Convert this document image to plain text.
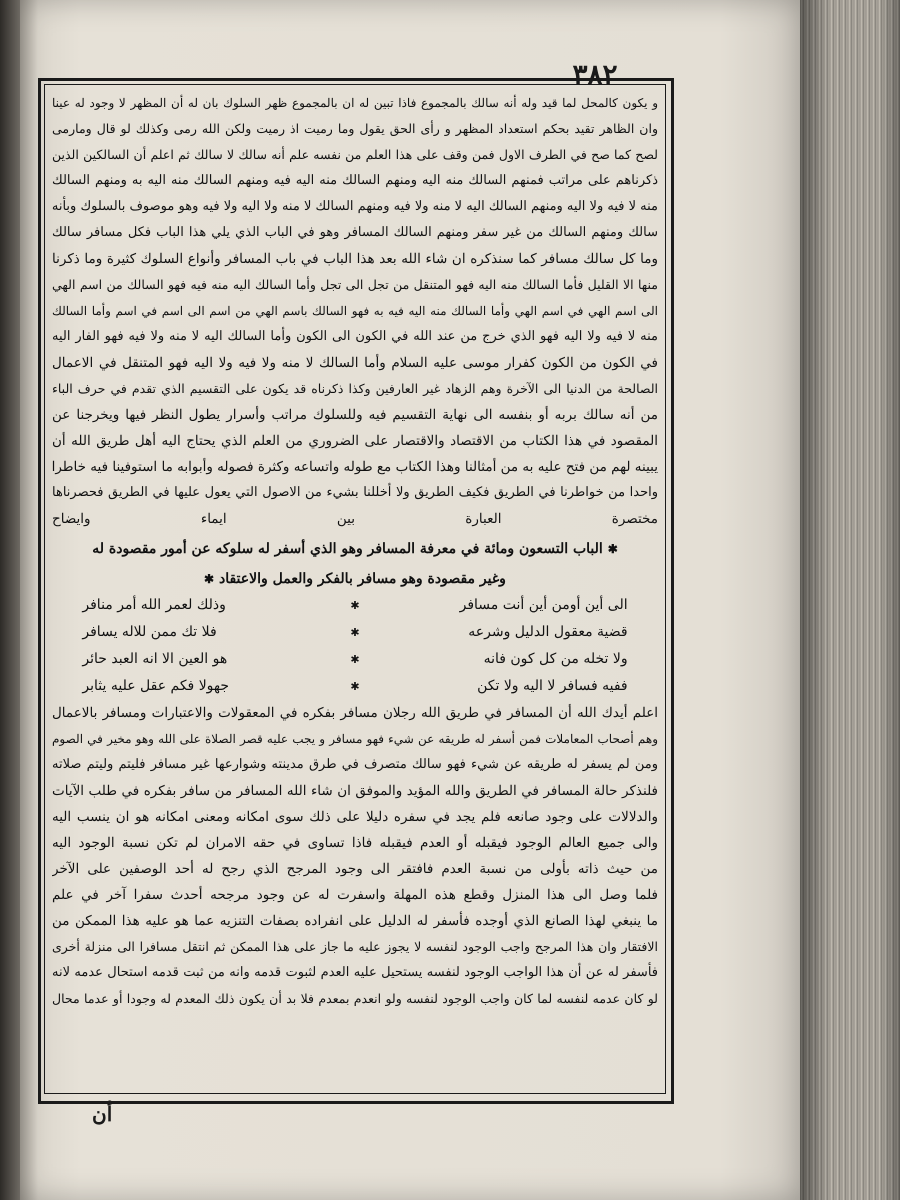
٣٨٢

و يكون كالمحل لما قيد وله أنه سالك بالمجموع فاذا تبين له ان بالمجموع ظهر السلوك بان له أن المظهر لا وجود له عينا

وان الظاهر تقيد بحكم استعداد المظهر و رأى الحق يقول وما رميت اذ رميت ولكن الله رمى وكذلك لو قال ومارمى

لصح كما صح في الطرف الاول فمن وقف على هذا العلم من نفسه علم أنه سالك لا سالك ثم اعلم أن السالكين الذين

ذكرناهم على مراتب فمنهم السالك منه اليه ومنهم السالك منه اليه فيه ومنهم السالك منه اليه به ومنهم السالك

منه لا فيه ولا اليه ومنهم السالك اليه لا منه ولا فيه ومنهم السالك لا منه ولا اليه ولا فيه وهو موصوف بالسلوك وبأنه

سالك ومنهم السالك من غير سفر ومنهم السالك المسافر وهو في الباب الذي يلي هذا الباب فكل مسافر سالك

وما كل سالك مسافر كما سنذكره ان شاء الله بعد هذا الباب في باب المسافر وأنواع السلوك كثيرة وما ذكرنا

منها الا القليل فأما السالك منه اليه فهو المتنقل من تجل الى تجل وأما السالك اليه منه فيه فهو السالك من اسم الهي

الى اسم الهي في اسم الهي وأما السالك منه اليه فيه به فهو السالك باسم الهي من اسم الى اسم في اسم وأما السالك

منه لا فيه ولا اليه فهو الذي خرج من عند الله في الكون الى الكون وأما السالك اليه لا منه ولا فيه فهو الفار اليه

في الكون من الكون كفرار موسى عليه السلام وأما السالك لا منه ولا فيه ولا اليه فهو المتنقل في الاعمال

الصالحة من الدنيا الى الآخرة وهم الزهاد غير العارفين وكذا ذكرناه قد يكون على التقسيم الذي تقدم في حرف الباء

من أنه سالك بربه أو بنفسه الى نهاية التقسيم فيه وللسلوك مراتب وأسرار يطول النظر فيها ويخرجنا عن

المقصود في هذا الكتاب من الاقتصاد والاقتصار على الضروري من العلم الذي يحتاج اليه أهل طريق الله أن

يبينه لهم من فتح عليه به من أمثالنا وهذا الكتاب مع طوله واتساعه وكثرة فصوله وأبوابه ما استوفينا فيه خاطرا

واحدا من خواطرنا في الطريق فكيف الطريق ولا أخللنا بشيء من الاصول التي يعول عليها في الطريق فحصرناها

مختصرة العبارة بين ايماء وايضاح

✱ الباب التسعون ومائة في معرفة المسافر وهو الذي أسفر له سلوكه عن أمور مقصودة له
وغير مقصودة وهو مسافر بالفكر والعمل والاعتقاد ✱
الى أين أومن أين أنت مسافر
✱
وذلك لعمر الله أمر منافر
قضية معقول الدليل وشرعه
✱
فلا تك ممن للاله يسافر
ولا تخله من كل كون فانه
✱
هو العين الا انه العبد حائر
ففيه فسافر لا اليه ولا تكن
✱
جهولا فكم عقل عليه يثابر

اعلم أيدك الله أن المسافر في طريق الله رجلان مسافر بفكره في المعقولات والاعتبارات ومسافر بالاعمال

وهم أصحاب المعاملات فمن أسفر له طريقه عن شيء فهو مسافر و يجب عليه قصر الصلاة على الله وهو مخير في الصوم

ومن لم يسفر له طريقه عن شيء فهو سالك متصرف في طرق مدينته وشوارعها غير مسافر فليتم وليتم صلاته

فلنذكر حالة المسافر في الطريق والله المؤيد والموفق ان شاء الله المسافر من سافر بفكره في طلب الآيات

والدلالات على وجود صانعه فلم يجد في سفره دليلا على ذلك سوى امكانه ومعنى امكانه هو ان ينسب اليه

والى جميع العالم الوجود فيقبله أو العدم فيقبله فاذا تساوى في حقه الامران لم تكن نسبة الوجود اليه

من حيث ذاته بأولى من نسبة العدم فافتقر الى وجود المرجح الذي رجح له أحد الوصفين على الآخر

فلما وصل الى هذا المنزل وقطع هذه المهلة واسفرت له عن وجود مرجحه أحدث سفرا آخر في علم

ما ينبغي لهذا الصانع الذي أوجده فأسفر له الدليل على انفراده بصفات التنزيه عما هو عليه هذا الممكن من

الافتقار وان هذا المرجح واجب الوجود لنفسه لا يجوز عليه ما جاز على هذا الممكن ثم انتقل مسافرا الى منزلة أخرى

فأسفر له عن أن هذا الواجب الوجود لنفسه يستحيل عليه العدم لثبوت قدمه وانه من ثبت قدمه استحال عدمه لانه

لو كان عدمه لنفسه لما كان واجب الوجود لنفسه ولو انعدم بمعدم فلا بد أن يكون ذلك المعدم له وجودا أو عدما محال

أن
